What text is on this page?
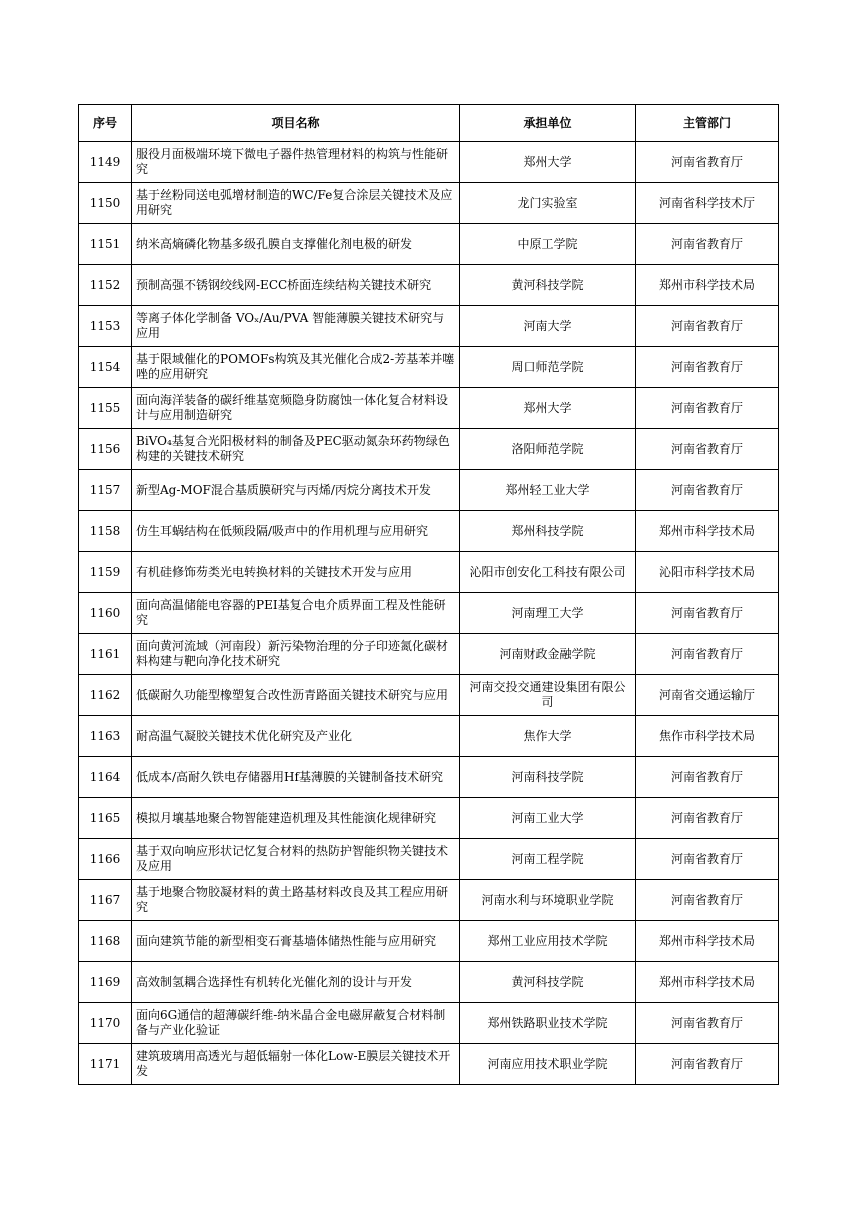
序号	项目名称	承担单位	主管部门
1149	服役月面极端环境下微电子器件热管理材料的构筑与性能研究	郑州大学	河南省教育厅
1150	基于丝粉同送电弧增材制造的WC/Fe复合涂层关键技术及应用研究	龙门实验室	河南省科学技术厅
1151	纳米高熵磷化物基多级孔膜自支撑催化剂电极的研发	中原工学院	河南省教育厅
1152	预制高强不锈钢绞线网-ECC桥面连续结构关键技术研究	黄河科技学院	郑州市科学技术局
1153	等离子体化学制备 VOₓ/Au/PVA 智能薄膜关键技术研究与应用	河南大学	河南省教育厅
1154	基于限域催化的POMOFs构筑及其光催化合成2-芳基苯并噻唑的应用研究	周口师范学院	河南省教育厅
1155	面向海洋装备的碳纤维基宽频隐身防腐蚀一体化复合材料设计与应用制造研究	郑州大学	河南省教育厅
1156	BiVO₄基复合光阳极材料的制备及PEC驱动氮杂环药物绿色构建的关键技术研究	洛阳师范学院	河南省教育厅
1157	新型Ag-MOF混合基质膜研究与丙烯/丙烷分离技术开发	郑州轻工业大学	河南省教育厅
1158	仿生耳蜗结构在低频段隔/吸声中的作用机理与应用研究	郑州科技学院	郑州市科学技术局
1159	有机硅修饰芴类光电转换材料的关键技术开发与应用	沁阳市创安化工科技有限公司	沁阳市科学技术局
1160	面向高温储能电容器的PEI基复合电介质界面工程及性能研究	河南理工大学	河南省教育厅
1161	面向黄河流域（河南段）新污染物治理的分子印迹氮化碳材料构建与靶向净化技术研究	河南财政金融学院	河南省教育厅
1162	低碳耐久功能型橡塑复合改性沥青路面关键技术研究与应用	河南交投交通建设集团有限公司	河南省交通运输厅
1163	耐高温气凝胶关键技术优化研究及产业化	焦作大学	焦作市科学技术局
1164	低成本/高耐久铁电存储器用Hf基薄膜的关键制备技术研究	河南科技学院	河南省教育厅
1165	模拟月壤基地聚合物智能建造机理及其性能演化规律研究	河南工业大学	河南省教育厅
1166	基于双向响应形状记忆复合材料的热防护智能织物关键技术及应用	河南工程学院	河南省教育厅
1167	基于地聚合物胶凝材料的黄土路基材料改良及其工程应用研究	河南水利与环境职业学院	河南省教育厅
1168	面向建筑节能的新型相变石膏基墙体储热性能与应用研究	郑州工业应用技术学院	郑州市科学技术局
1169	高效制氢耦合选择性有机转化光催化剂的设计与开发	黄河科技学院	郑州市科学技术局
1170	面向6G通信的超薄碳纤维-纳米晶合金电磁屏蔽复合材料制备与产业化验证	郑州铁路职业技术学院	河南省教育厅
1171	建筑玻璃用高透光与超低辐射一体化Low-E膜层关键技术开发	河南应用技术职业学院	河南省教育厅
